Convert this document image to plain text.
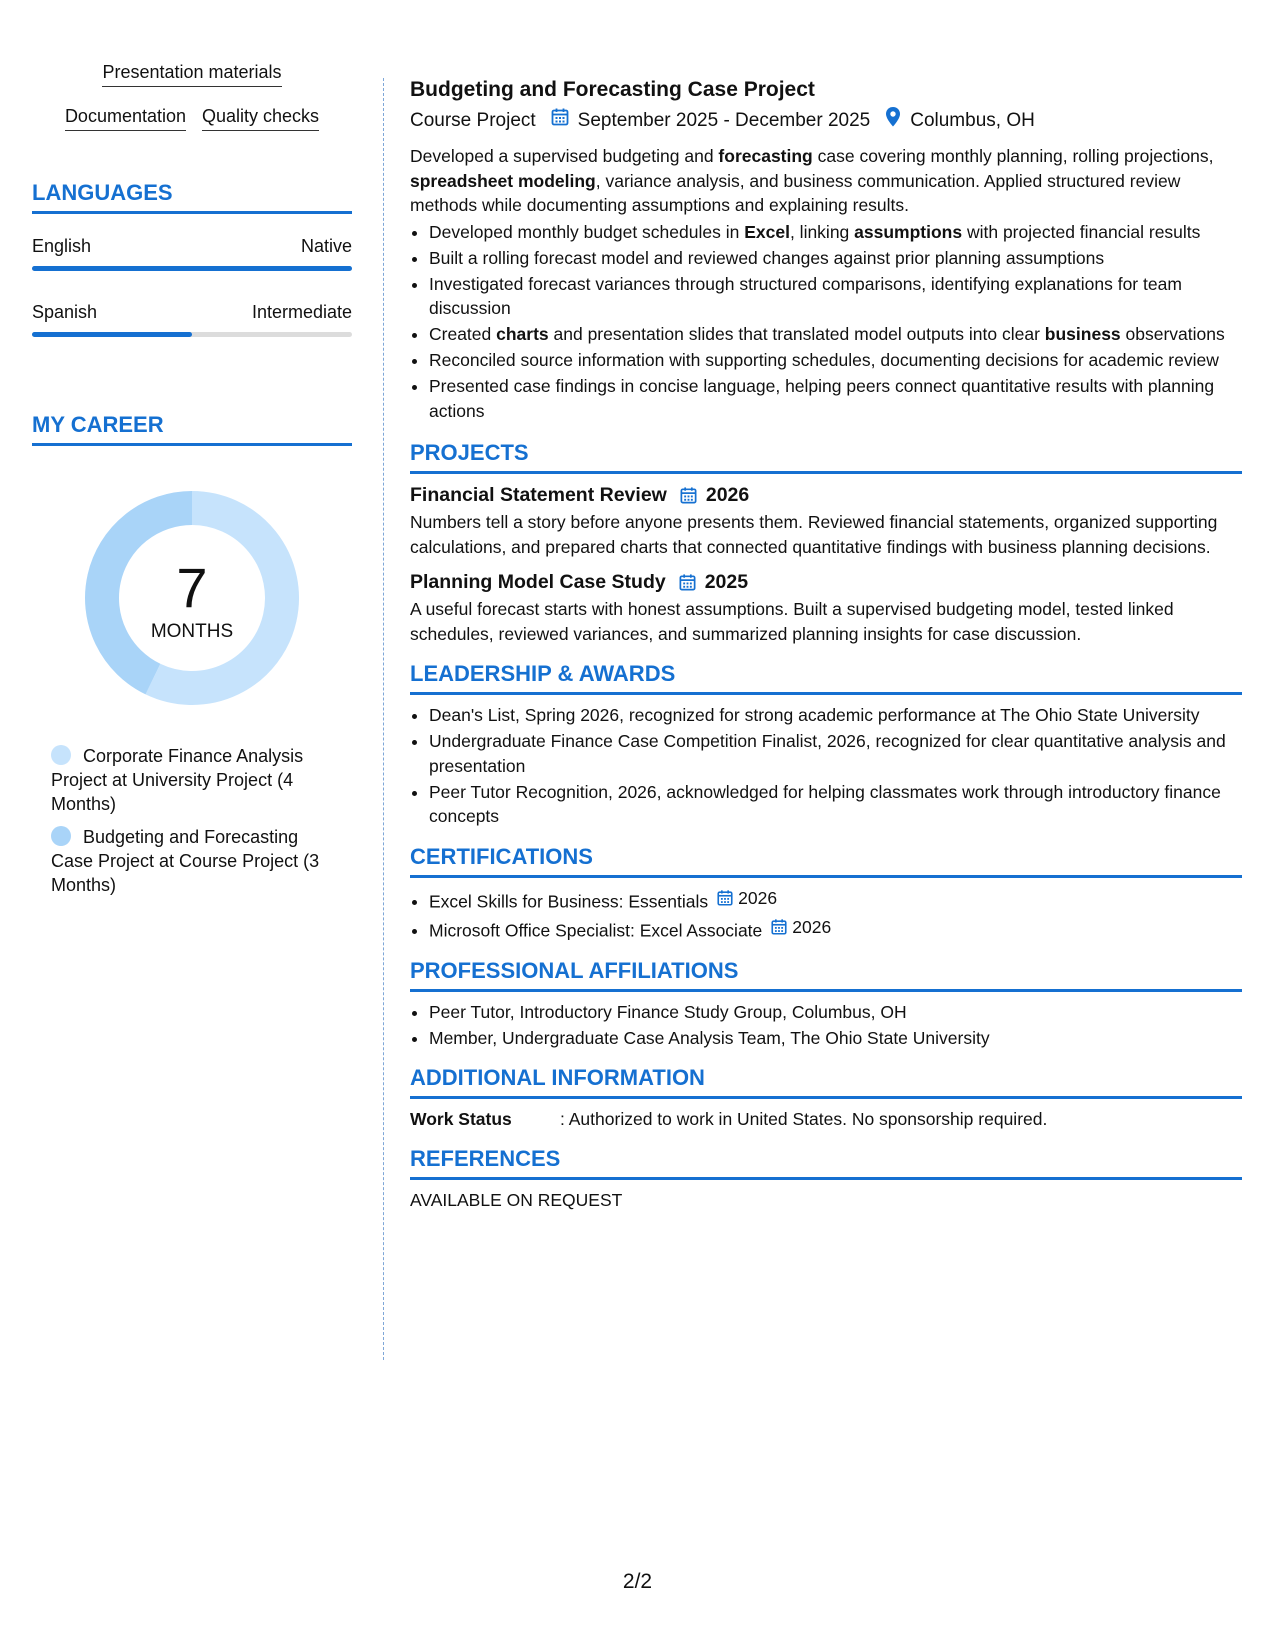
Presentation materials
Documentation Quality checks
LANGUAGES
English	Native
Spanish	Intermediate
MY CAREER
7
MONTHS
Corporate Finance Analysis Project at University Project (4 Months)
Budgeting and Forecasting Case Project at Course Project (3 Months)
Budgeting and Forecasting Case Project
Course Project September 2025 - December 2025 Columbus, OH
Developed a supervised budgeting and forecasting case covering monthly planning, rolling projections, spreadsheet modeling, variance analysis, and business communication. Applied structured review methods while documenting assumptions and explaining results.
• Developed monthly budget schedules in Excel, linking assumptions with projected financial results
• Built a rolling forecast model and reviewed changes against prior planning assumptions
• Investigated forecast variances through structured comparisons, identifying explanations for team discussion
• Created charts and presentation slides that translated model outputs into clear business observations
• Reconciled source information with supporting schedules, documenting decisions for academic review
• Presented case findings in concise language, helping peers connect quantitative results with planning actions
PROJECTS
Financial Statement Review 2026
Numbers tell a story before anyone presents them. Reviewed financial statements, organized supporting calculations, and prepared charts that connected quantitative findings with business planning decisions.
Planning Model Case Study 2025
A useful forecast starts with honest assumptions. Built a supervised budgeting model, tested linked schedules, reviewed variances, and summarized planning insights for case discussion.
LEADERSHIP & AWARDS
• Dean's List, Spring 2026, recognized for strong academic performance at The Ohio State University
• Undergraduate Finance Case Competition Finalist, 2026, recognized for clear quantitative analysis and presentation
• Peer Tutor Recognition, 2026, acknowledged for helping classmates work through introductory finance concepts
CERTIFICATIONS
• Excel Skills for Business: Essentials 2026
• Microsoft Office Specialist: Excel Associate 2026
PROFESSIONAL AFFILIATIONS
• Peer Tutor, Introductory Finance Study Group, Columbus, OH
• Member, Undergraduate Case Analysis Team, The Ohio State University
ADDITIONAL INFORMATION
Work Status	: Authorized to work in United States. No sponsorship required.
REFERENCES
AVAILABLE ON REQUEST
2/2
